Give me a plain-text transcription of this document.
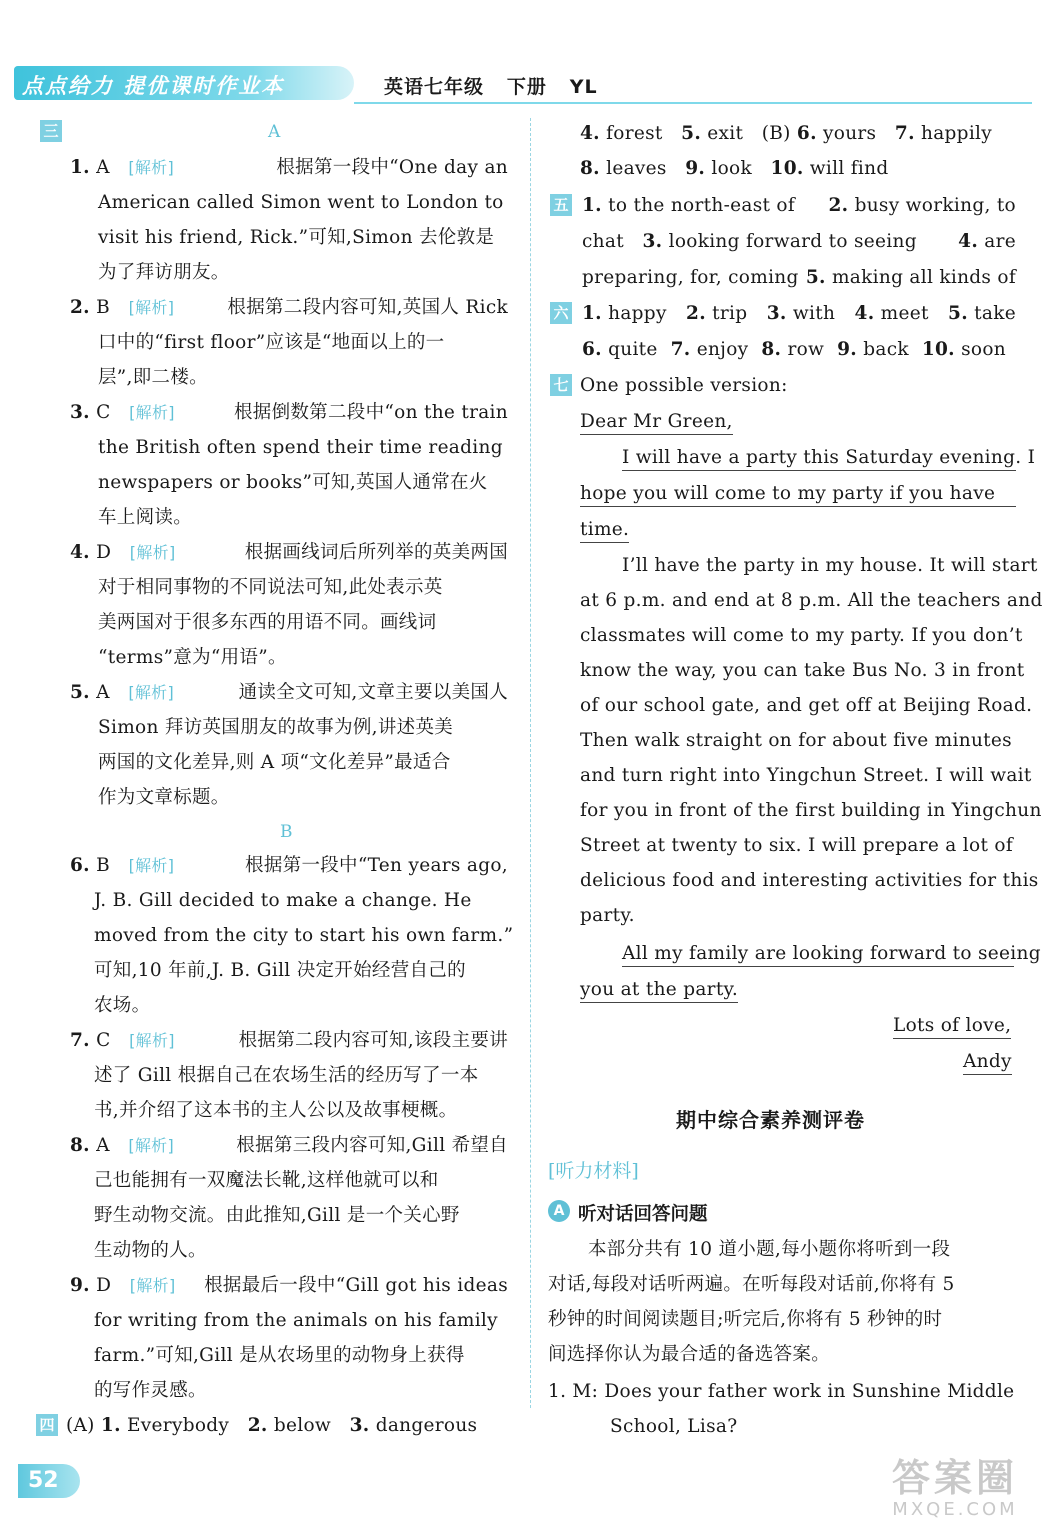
点点给力 提优课时作业本	英语七年级   下册   YL
三	A
1. A [解析]	根据第一段中“One day an
American called Simon went to London to
visit his friend, Rick.”可知,Simon 去伦敦是
为了拜访朋友。
2. B [解析]	根据第二段内容可知,英国人 Rick
口中的“first floor”应该是“地面以上的一
层”,即二楼。
3. C [解析]	根据倒数第二段中“on the train
the British often spend their time reading
newspapers or books”可知,英国人通常在火
车上阅读。
4. D [解析]	根据画线词后所列举的英美两国
对于相同事物的不同说法可知,此处表示英
美两国对于很多东西的用语不同。画线词
“terms”意为“用语”。
5. A [解析]	通读全文可知,文章主要以美国人
Simon 拜访英国朋友的故事为例,讲述英美
两国的文化差异,则 A 项“文化差异”最适合
作为文章标题。
B
6. B [解析]	根据第一段中“Ten years ago,
J. B. Gill decided to make a change. He
moved from the city to start his own farm.”
可知,10 年前,J. B. Gill 决定开始经营自己的
农场。
7. C [解析]	根据第二段内容可知,该段主要讲
述了 Gill 根据自己在农场生活的经历写了一本
书,并介绍了这本书的主人公以及故事梗概。
8. A [解析]	根据第三段内容可知,Gill 希望自
己也能拥有一双魔法长靴,这样他就可以和
野生动物交流。由此推知,Gill 是一个关心野
生动物的人。
9. D [解析] 根据最后一段中“Gill got his ideas
for writing from the animals on his family
farm.”可知,Gill 是从农场里的动物身上获得
的写作灵感。
四 (A) 1. Everybody 2. below 3. dangerous
4. forest 5. exit (B) 6. yours 7. happily
8. leaves 9. look 10. will find
五 1. to the north-east of 2. busy working, to
chat 3. looking forward to seeing 4. are
preparing, for, coming 5. making all kinds of
六 1. happy 2. trip 3. with 4. meet 5. take
6. quite 7. enjoy 8. row 9. back 10. soon
七 One possible version:
Dear Mr Green,
I will have a party this Saturday evening. I
hope you will come to my party if you have
time.
I’ll have the party in my house. It will start
at 6 p.m. and end at 8 p.m. All the teachers and
classmates will come to my party. If you don’t
know the way, you can take Bus No. 3 in front
of our school gate, and get off at Beijing Road.
Then walk straight on for about five minutes
and turn right into Yingchun Street. I will wait
for you in front of the first building in Yingchun
Street at twenty to six. I will prepare a lot of
delicious food and interesting activities for this
party.
All my family are looking forward to seeing
you at the party.
Lots of love,
Andy
期中综合素养测评卷
[听力材料]
A 听对话回答问题
本部分共有 10 道小题,每小题你将听到一段
对话,每段对话听两遍。在听每段对话前,你将有 5
秒钟的时间阅读题目;听完后,你将有 5 秒钟的时
间选择你认为最合适的备选答案。
1. M: Does your father work in Sunshine Middle
School, Lisa?
52	答案圈
MXQE.COM
